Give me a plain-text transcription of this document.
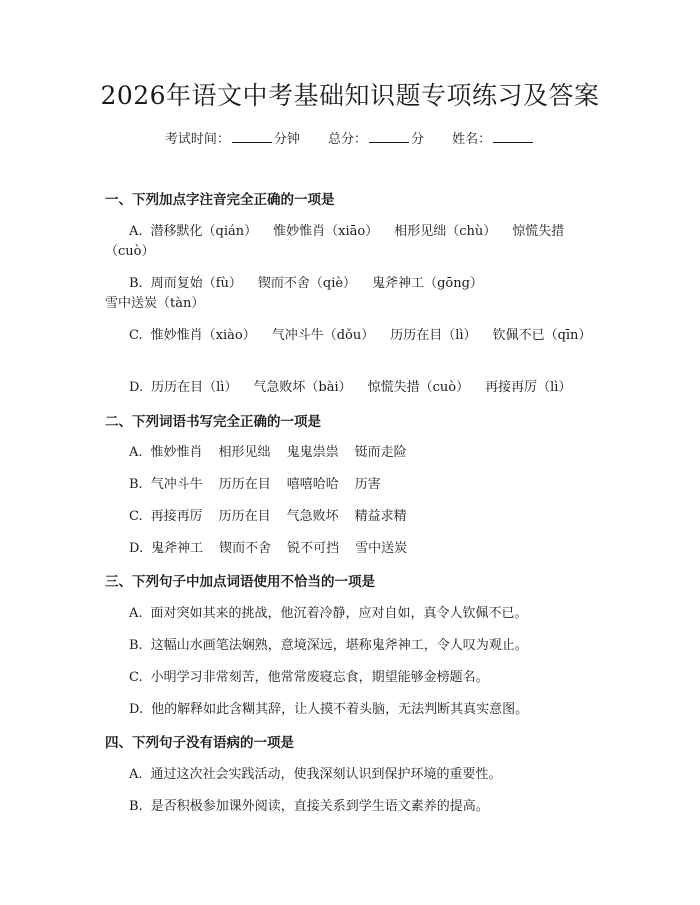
2026年语文中考基础知识题专项练习及答案
考试时间：	分钟 总分：	分 姓名：
一、下列加点字注音完全正确的一项是
A. 潜移默化（qián） 惟妙惟肖（xiāo） 相形见绌（chù） 惊慌失措（cuò）
B. 周而复始（fù） 锲而不舍（qiè） 鬼斧神工（gōng）雪中送炭（tàn）
C. 惟妙惟肖（xiào） 气冲斗牛（dǒu） 历历在目（lì） 钦佩不已（qīn）
D. 历历在目（lì） 气急败坏（bài） 惊慌失措（cuò） 再接再厉（lì）
二、下列词语书写完全正确的一项是
A. 惟妙惟肖 相形见绌 鬼鬼祟祟 铤而走险
B. 气冲斗牛 历历在目 嘻嘻哈哈 历害
C. 再接再厉 历历在目 气急败坏 精益求精
D. 鬼斧神工 锲而不舍 锐不可挡 雪中送炭
三、下列句子中加点词语使用不恰当的一项是
A. 面对突如其来的挑战，他沉着冷静，应对自如，真令人钦佩不已。
B. 这幅山水画笔法娴熟，意境深远，堪称鬼斧神工，令人叹为观止。
C. 小明学习非常刻苦，他常常废寝忘食，期望能够金榜题名。
D. 他的解释如此含糊其辞，让人摸不着头脑，无法判断其真实意图。
四、下列句子没有语病的一项是
A. 通过这次社会实践活动，使我深刻认识到保护环境的重要性。
B. 是否积极参加课外阅读，直接关系到学生语文素养的提高。
